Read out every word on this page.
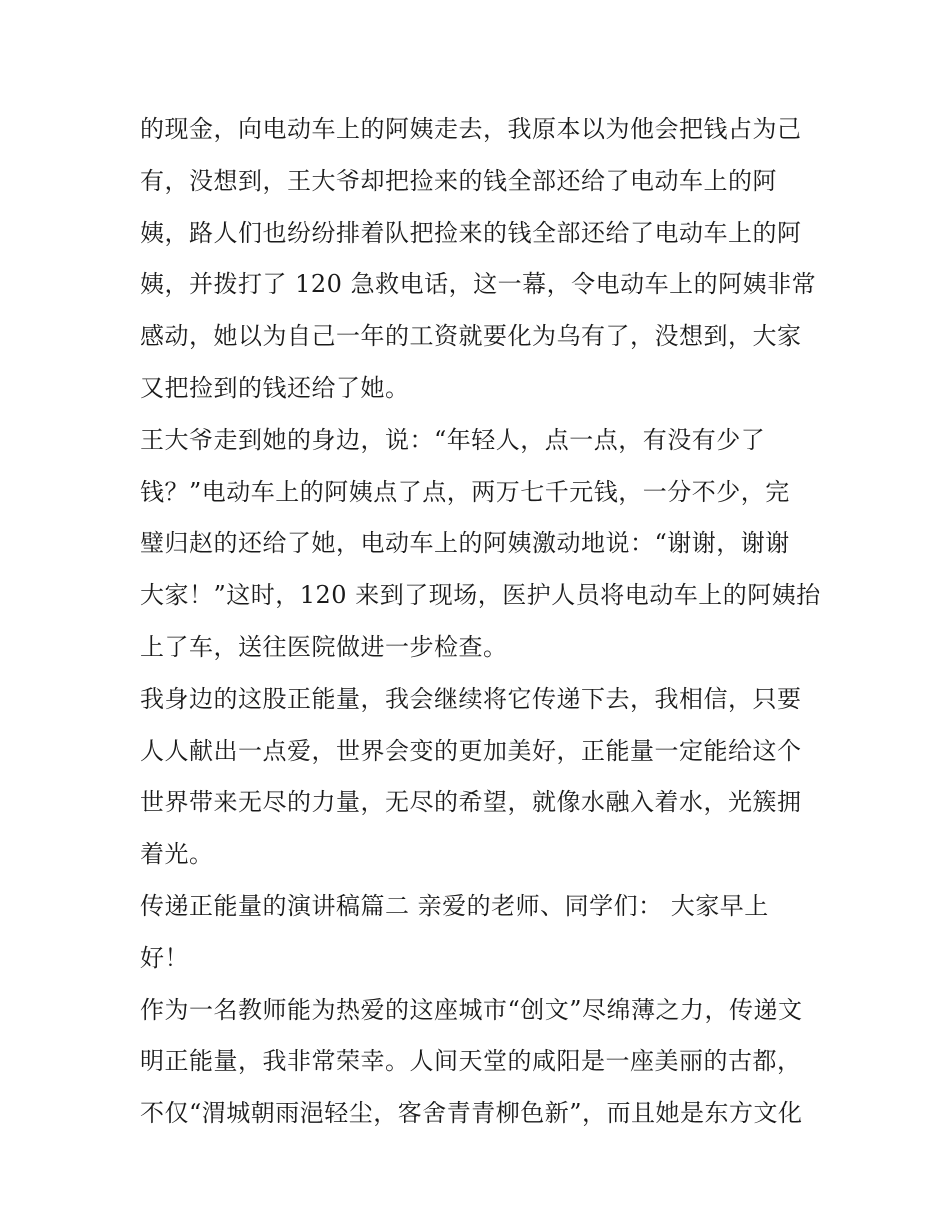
的现金，向电动车上的阿姨走去，我原本以为他会把钱占为己
有，没想到，王大爷却把捡来的钱全部还给了电动车上的阿
姨，路人们也纷纷排着队把捡来的钱全部还给了电动车上的阿
姨，并拨打了 120 急救电话，这一幕，令电动车上的阿姨非常
感动，她以为自己一年的工资就要化为乌有了，没想到，大家
又把捡到的钱还给了她。
王大爷走到她的身边，说：“年轻人，点一点，有没有少了
钱？”电动车上的阿姨点了点，两万七千元钱，一分不少，完
璧归赵的还给了她，电动车上的阿姨激动地说：“谢谢，谢谢
大家！”这时，120 来到了现场，医护人员将电动车上的阿姨抬
上了车，送往医院做进一步检查。
我身边的这股正能量，我会继续将它传递下去，我相信，只要
人人献出一点爱，世界会变的更加美好，正能量一定能给这个
世界带来无尽的力量，无尽的希望，就像水融入着水，光簇拥
着光。
传递正能量的演讲稿篇二 亲爱的老师、同学们： 大家早上
好！
作为一名教师能为热爱的这座城市“创文”尽绵薄之力，传递文
明正能量，我非常荣幸。人间天堂的咸阳是一座美丽的古都，
不仅“渭城朝雨浥轻尘，客舍青青柳色新”，而且她是东方文化
